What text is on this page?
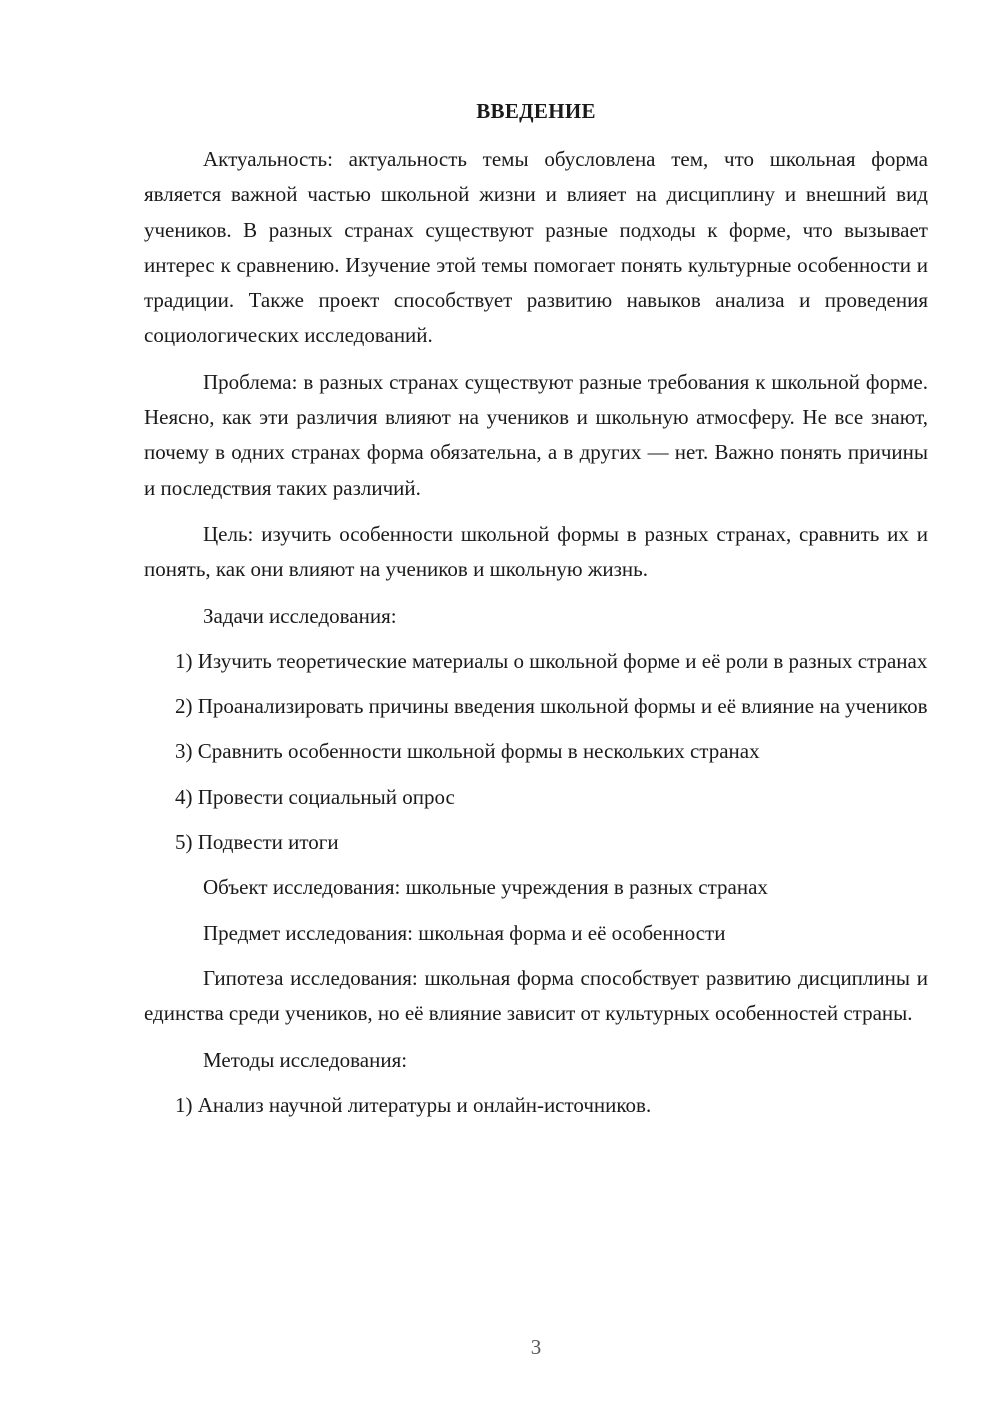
ВВЕДЕНИЕ

Актуальность: актуальность темы обусловлена тем, что школьная форма является важной частью школьной жизни и влияет на дисциплину и внешний вид учеников. В разных странах существуют разные подходы к форме, что вызывает интерес к сравнению. Изучение этой темы помогает понять культурные особенности и традиции. Также проект способствует развитию навыков анализа и проведения социологических исследований.

Проблема: в разных странах существуют разные требования к школьной форме. Неясно, как эти различия влияют на учеников и школьную атмосферу. Не все знают, почему в одних странах форма обязательна, а в других — нет. Важно понять причины и последствия таких различий.

Цель: изучить особенности школьной формы в разных странах, сравнить их и понять, как они влияют на учеников и школьную жизнь.

Задачи исследования:

1) Изучить теоретические материалы о школьной форме и её роли в разных странах

2) Проанализировать причины введения школьной формы и её влияние на учеников

3) Сравнить особенности школьной формы в нескольких странах

4) Провести социальный опрос

5) Подвести итоги

Объект исследования: школьные учреждения в разных странах

Предмет исследования: школьная форма и её особенности

Гипотеза исследования: школьная форма способствует развитию дисциплины и единства среди учеников, но её влияние зависит от культурных особенностей страны.

Методы исследования:

1) Анализ научной литературы и онлайн-источников.

3
